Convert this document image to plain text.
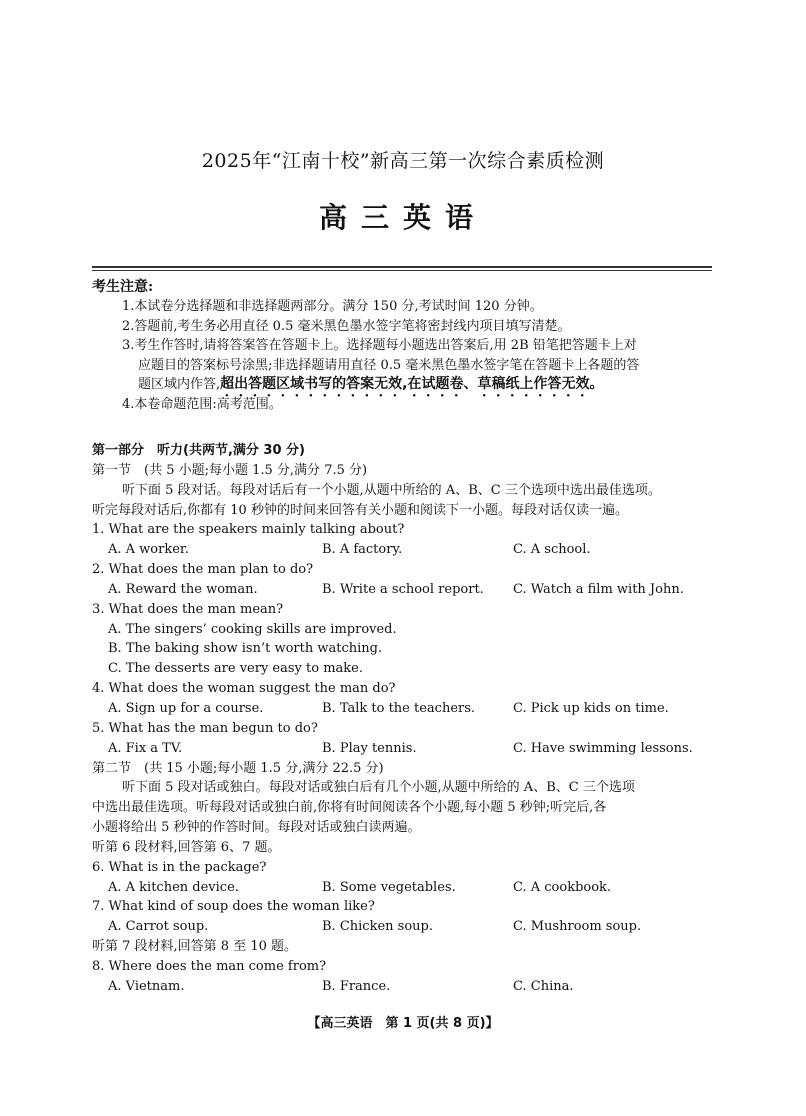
2025年“江南十校”新高三第一次综合素质检测
高三英语
考生注意:
1.本试卷分选择题和非选择题两部分。满分 150 分,考试时间 120 分钟。
2.答题前,考生务必用直径 0.5 毫米黑色墨水签字笔将密封线内项目填写清楚。
3.考生作答时,请将答案答在答题卡上。选择题每小题选出答案后,用 2B 铅笔把答题卡上对
应题目的答案标号涂黑;非选择题请用直径 0.5 毫米黑色墨水签字笔在答题卡上各题的答
题区域内作答,超出答题区域书写的答案无效,在试题卷、草稿纸上作答无效。
4.本卷命题范围:高考范围。
第一部分　听力(共两节,满分 30 分)
第一节　(共 5 小题;每小题 1.5 分,满分 7.5 分)
听下面 5 段对话。每段对话后有一个小题,从题中所给的 A、B、C 三个选项中选出最佳选项。
听完每段对话后,你都有 10 秒钟的时间来回答有关小题和阅读下一小题。每段对话仅读一遍。
1. What are the speakers mainly talking about?
A. A worker.	B. A factory.	C. A school.
2. What does the man plan to do?
A. Reward the woman.	B. Write a school report. C. Watch a film with John.
3. What does the man mean?
A. The singers’ cooking skills are improved.
B. The baking show isn’t worth watching.
C. The desserts are very easy to make.
4. What does the woman suggest the man do?
A. Sign up for a course.	B. Talk to the teachers.	C. Pick up kids on time.
5. What has the man begun to do?
A. Fix a TV.	B. Play tennis.	C. Have swimming lessons.
第二节　(共 15 小题;每小题 1.5 分,满分 22.5 分)
听下面 5 段对话或独白。每段对话或独白后有几个小题,从题中所给的 A、B、C 三个选项
中选出最佳选项。听每段对话或独白前,你将有时间阅读各个小题,每小题 5 秒钟;听完后,各
小题将给出 5 秒钟的作答时间。每段对话或独白读两遍。
听第 6 段材料,回答第 6、7 题。
6. What is in the package?
A. A kitchen device.	B. Some vegetables.	C. A cookbook.
7. What kind of soup does the woman like?
A. Carrot soup.	B. Chicken soup.	C. Mushroom soup.
听第 7 段材料,回答第 8 至 10 题。
8. Where does the man come from?
A. Vietnam.	B. France.	C. China.
【高三英语　第 1 页(共 8 页)】
